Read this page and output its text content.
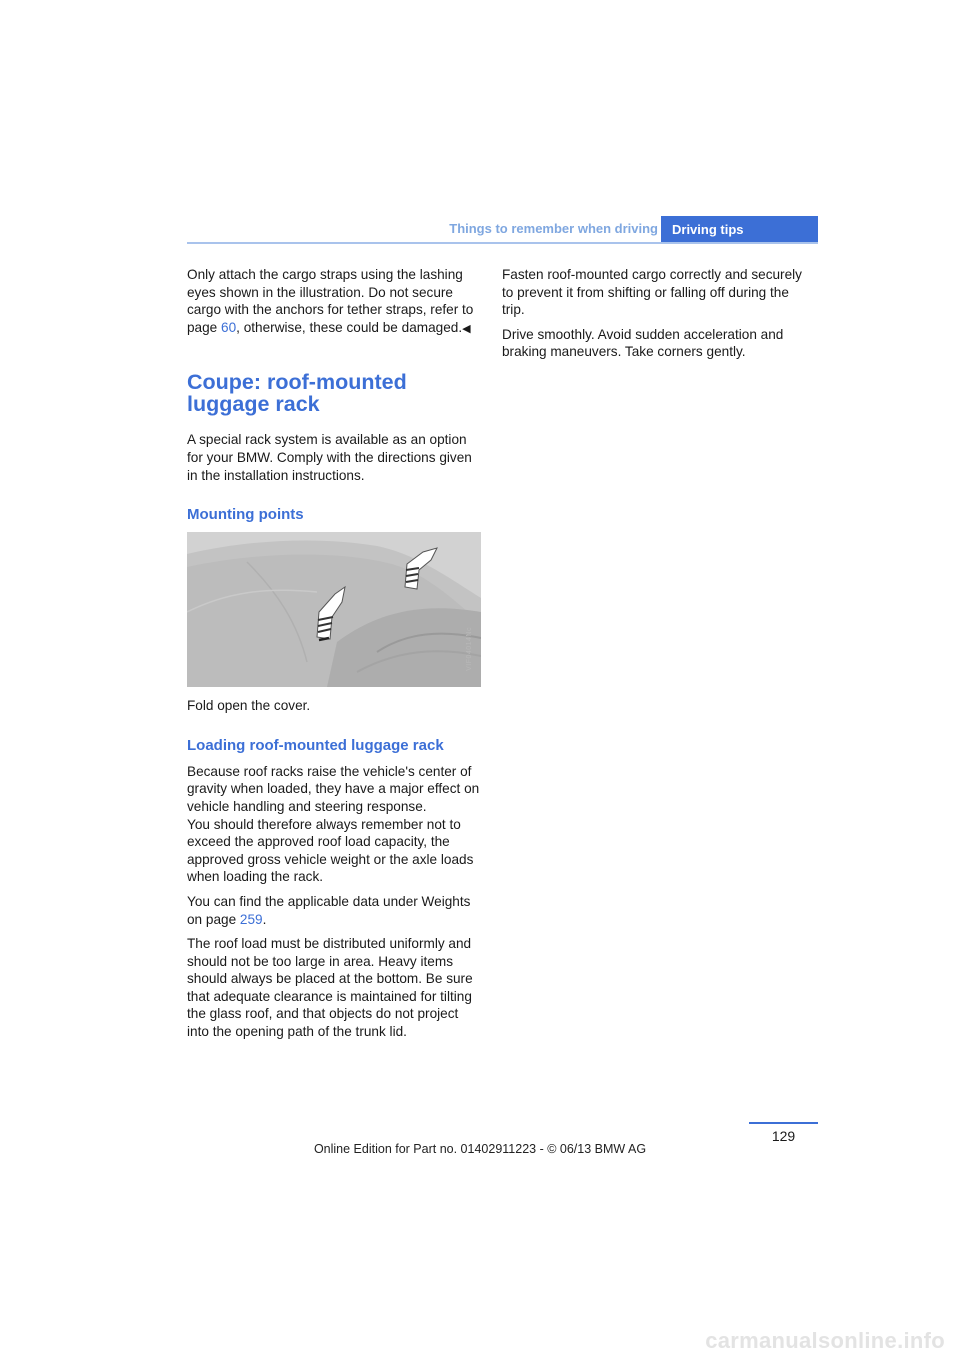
Things to remember when driving	Driving tips

Only attach the cargo straps using the lashing eyes shown in the illustration. Do not secure cargo with the anchors for tether straps, refer to page 60, otherwise, these could be damaged.◀

Coupe: roof-mounted luggage rack

A special rack system is available as an option for your BMW. Comply with the directions given in the installation instructions.

Mounting points
VIF04014Nc

Fold open the cover.

Loading roof-mounted luggage rack

Because roof racks raise the vehicle's center of gravity when loaded, they have a major effect on vehicle handling and steering response.

You should therefore always remember not to exceed the approved roof load capacity, the approved gross vehicle weight or the axle loads when loading the rack.

You can find the applicable data under Weights on page 259.

The roof load must be distributed uniformly and should not be too large in area. Heavy items should always be placed at the bottom. Be sure that adequate clearance is maintained for tilting the glass roof, and that objects do not project into the opening path of the trunk lid.

Fasten roof-mounted cargo correctly and securely to prevent it from shifting or falling off during the trip.

Drive smoothly. Avoid sudden acceleration and braking maneuvers. Take corners gently.

129
Online Edition for Part no. 01402911223 - © 06/13 BMW AG
carmanualsonline.info
